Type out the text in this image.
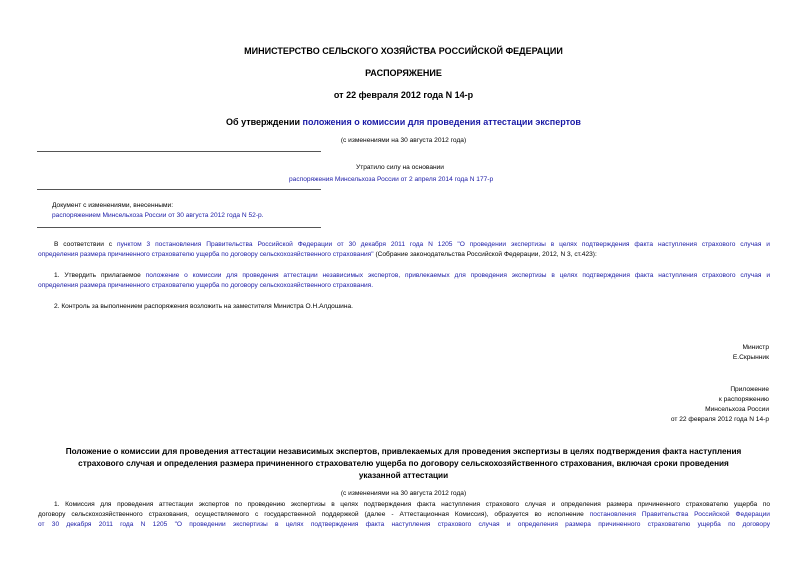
МИНИСТЕРСТВО СЕЛЬСКОГО ХОЗЯЙСТВА РОССИЙСКОЙ ФЕДЕРАЦИИ
РАСПОРЯЖЕНИЕ
от 22 февраля 2012 года N 14-р
Об утверждении положения о комиссии для проведения аттестации экспертов
(с изменениями на 30 августа 2012 года)
Утратило силу на основании
распоряжения Минсельхоза России от 2 апреля 2014 года N 177-р
Документ с изменениями, внесенными:
распоряжением Минсельхоза России от 30 августа 2012 года N 52-р.
В соответствии с пунктом 3 постановления Правительства Российской Федерации от 30 декабря 2011 года N 1205 "О проведении экспертизы в целях подтверждения факта наступления страхового случая и
определения размера причиненного страхователю ущерба по договору сельскохозяйственного страхования" (Собрание законодательства Российской Федерации, 2012, N 3, ст.423):
1. Утвердить прилагаемое положение о комиссии для проведения аттестации независимых экспертов, привлекаемых для проведения экспертизы в целях подтверждения факта наступления страхового случая и
определения размера причиненного страхователю ущерба по договору сельскохозяйственного страхования.
2. Контроль за выполнением распоряжения возложить на заместителя Министра О.Н.Алдошина.
Министр
Е.Скрынник
Приложение
к распоряжению
Минсельхоза России
от 22 февраля 2012 года N 14-р
Положение о комиссии для проведения аттестации независимых экспертов, привлекаемых для проведения экспертизы в целях подтверждения факта наступления
страхового случая и определения размера причиненного страхователю ущерба по договору сельскохозяйственного страхования, включая сроки проведения
указанной аттестации
(с изменениями на 30 августа 2012 года)
1. Комиссия для проведения аттестации экспертов по проведению экспертизы в целях подтверждения факта наступления страхового случая и определения размера причиненного страхователю ущерба по
договору сельскохозяйственного страхования, осуществляемого с государственной поддержкой (далее - Аттестационная Комиссия), образуется во исполнение постановления Правительства Российской Федерации
от 30 декабря 2011 года N 1205 "О проведении экспертизы в целях подтверждения факта наступления страхового случая и определения размера причиненного страхователю ущерба по договору
